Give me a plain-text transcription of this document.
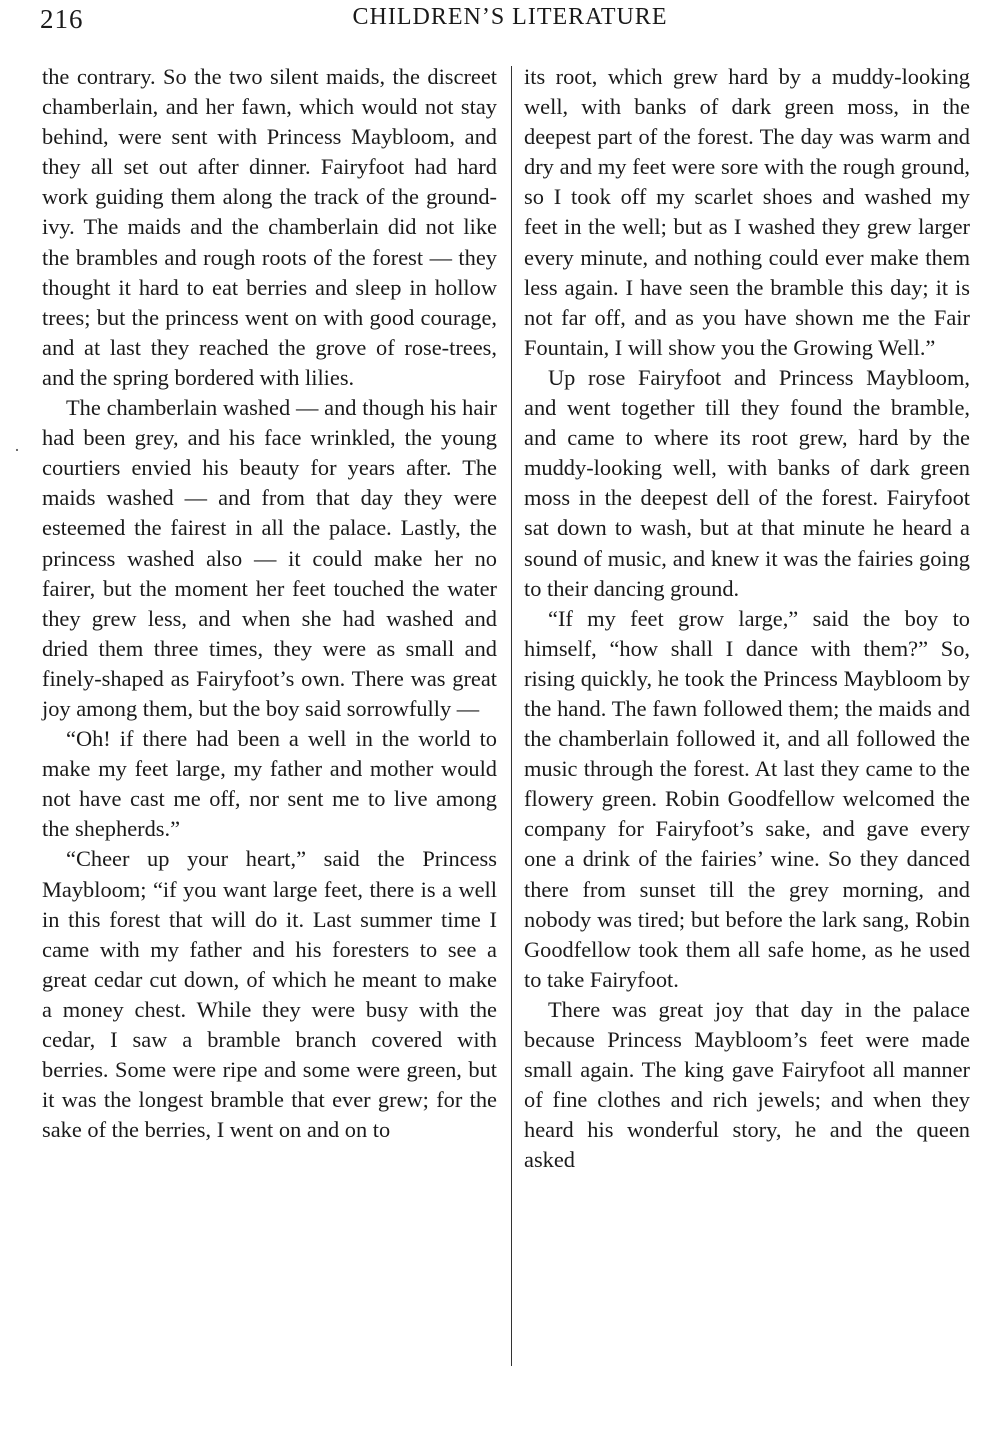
216	CHILDREN’S LITERATURE
·

the contrary. So the two silent maids, the discreet chamberlain, and her fawn, which would not stay behind, were sent with Princess Maybloom, and they all set out after dinner. Fairyfoot had hard work guiding them along the track of the ground-ivy. The maids and the chamberlain did not like the brambles and rough roots of the forest — they thought it hard to eat berries and sleep in hollow trees; but the princess went on with good courage, and at last they reached the grove of rose-trees, and the spring bordered with lilies.

The chamberlain washed — and though his hair had been grey, and his face wrinkled, the young courtiers envied his beauty for years after. The maids washed — and from that day they were esteemed the fairest in all the palace. Lastly, the princess washed also — it could make her no fairer, but the moment her feet touched the water they grew less, and when she had washed and dried them three times, they were as small and finely-shaped as Fairyfoot’s own. There was great joy among them, but the boy said sorrowfully —

“Oh! if there had been a well in the world to make my feet large, my father and mother would not have cast me off, nor sent me to live among the shepherds.”

“Cheer up your heart,” said the Princess Maybloom; “if you want large feet, there is a well in this forest that will do it. Last summer time I came with my father and his foresters to see a great cedar cut down, of which he meant to make a money chest. While they were busy with the cedar, I saw a bramble branch covered with berries. Some were ripe and some were green, but it was the longest bramble that ever grew; for the sake of the berries, I went on and on to

its root, which grew hard by a muddy-looking well, with banks of dark green moss, in the deepest part of the forest. The day was warm and dry and my feet were sore with the rough ground, so I took off my scarlet shoes and washed my feet in the well; but as I washed they grew larger every minute, and nothing could ever make them less again. I have seen the bramble this day; it is not far off, and as you have shown me the Fair Fountain, I will show you the Growing Well.”

Up rose Fairyfoot and Princess Maybloom, and went together till they found the bramble, and came to where its root grew, hard by the muddy-looking well, with banks of dark green moss in the deepest dell of the forest. Fairyfoot sat down to wash, but at that minute he heard a sound of music, and knew it was the fairies going to their dancing ground.

“If my feet grow large,” said the boy to himself, “how shall I dance with them?” So, rising quickly, he took the Princess Maybloom by the hand. The fawn followed them; the maids and the chamberlain followed it, and all followed the music through the forest. At last they came to the flowery green. Robin Goodfellow welcomed the company for Fairyfoot’s sake, and gave every one a drink of the fairies’ wine. So they danced there from sunset till the grey morning, and nobody was tired; but before the lark sang, Robin Goodfellow took them all safe home, as he used to take Fairyfoot.

There was great joy that day in the palace because Princess Maybloom’s feet were made small again. The king gave Fairyfoot all manner of fine clothes and rich jewels; and when they heard his wonderful story, he and the queen asked
